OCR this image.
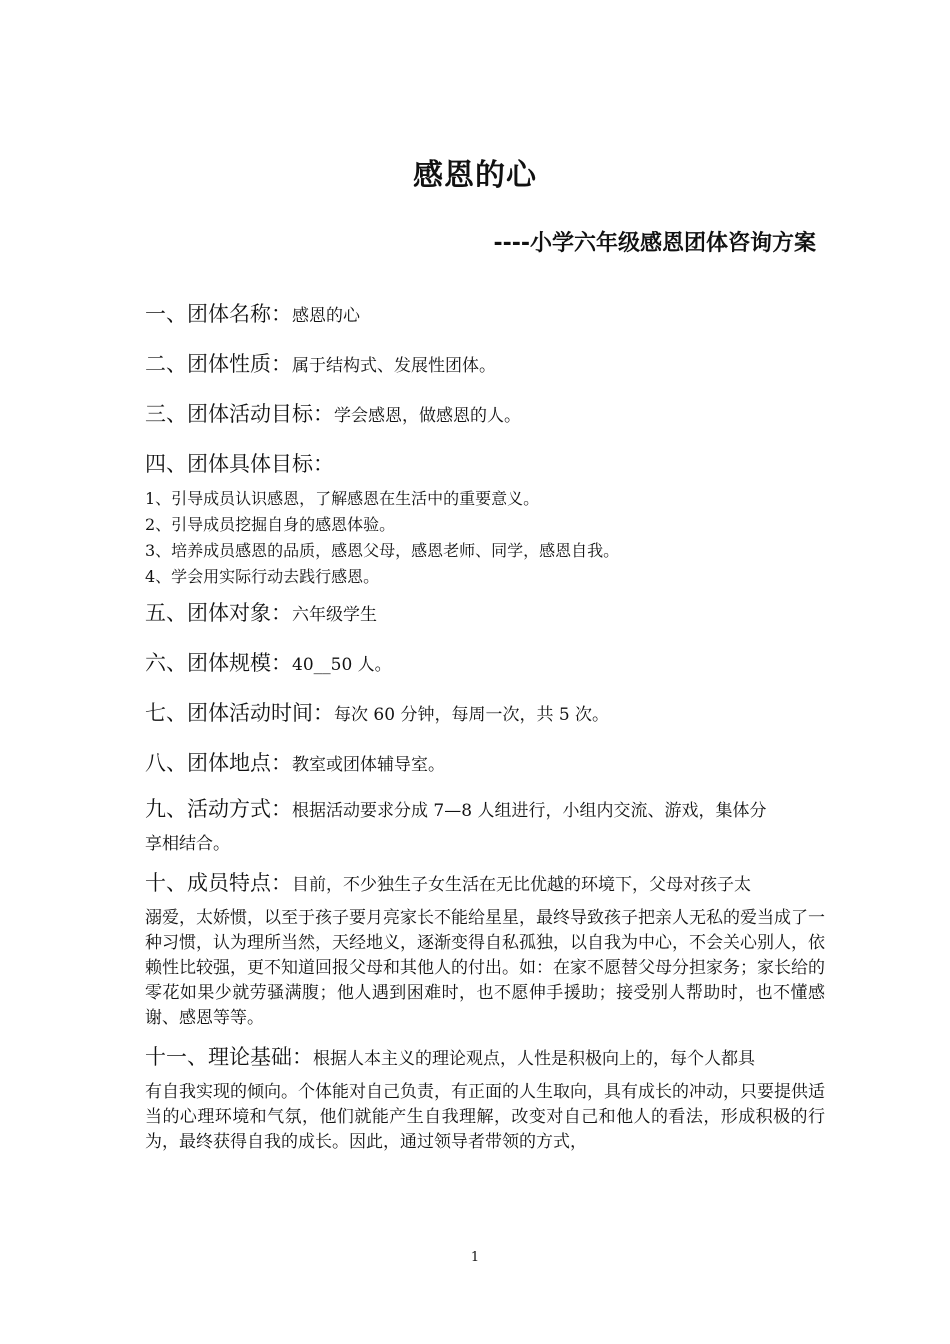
感恩的心
----小学六年级感恩团体咨询方案
一、团体名称：感恩的心
二、团体性质：属于结构式、发展性团体。
三、团体活动目标：学会感恩，做感恩的人。
四、团体具体目标：
1、引导成员认识感恩，了解感恩在生活中的重要意义。
2、引导成员挖掘自身的感恩体验。
3、培养成员感恩的品质，感恩父母，感恩老师、同学，感恩自我。
4、学会用实际行动去践行感恩。
五、团体对象：六年级学生
六、团体规模：40__50 人。
七、团体活动时间：每次 60 分钟，每周一次，共 5 次。
八、团体地点：教室或团体辅导室。
九、活动方式：根据活动要求分成 7—8 人组进行，小组内交流、游戏，集体分
享相结合。
十、成员特点：目前，不少独生子女生活在无比优越的环境下，父母对孩子太
溺爱，太娇惯，以至于孩子要月亮家长不能给星星，最终导致孩子把亲人无私的爱当成了一种习惯，认为理所当然，天经地义，逐渐变得自私孤独，以自我为中心，不会关心别人，依赖性比较强，更不知道回报父母和其他人的付出。如：在家不愿替父母分担家务；家长给的零花如果少就劳骚满腹；他人遇到困难时，也不愿伸手援助；接受别人帮助时，也不懂感谢、感恩等等。
十一、理论基础：根据人本主义的理论观点，人性是积极向上的，每个人都具
有自我实现的倾向。个体能对自己负责，有正面的人生取向，具有成长的冲动，只要提供适当的心理环境和气氛，他们就能产生自我理解，改变对自己和他人的看法，形成积极的行为，最终获得自我的成长。因此，通过领导者带领的方式，
1
